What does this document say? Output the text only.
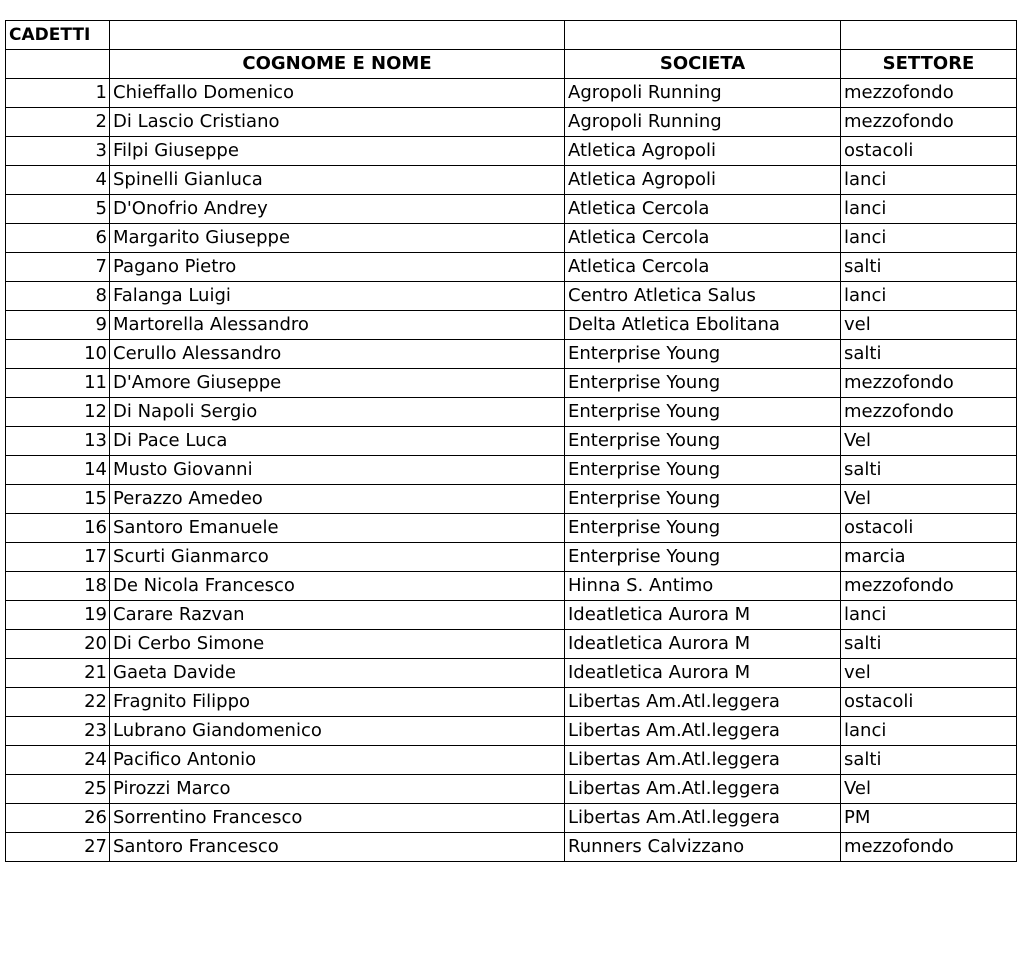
CADETTI			
	COGNOME E NOME	SOCIETA	SETTORE
1	Chieffallo Domenico	Agropoli Running	mezzofondo
2	Di Lascio Cristiano	Agropoli Running	mezzofondo
3	Filpi Giuseppe	Atletica Agropoli	ostacoli
4	Spinelli Gianluca	Atletica Agropoli	lanci
5	D'Onofrio Andrey	Atletica Cercola	lanci
6	Margarito Giuseppe	Atletica Cercola	lanci
7	Pagano Pietro	Atletica Cercola	salti
8	Falanga Luigi	Centro Atletica Salus	lanci
9	Martorella Alessandro	Delta Atletica Ebolitana	vel
10	Cerullo Alessandro	Enterprise Young	salti
11	D'Amore Giuseppe	Enterprise Young	mezzofondo
12	Di Napoli Sergio	Enterprise Young	mezzofondo
13	Di Pace Luca	Enterprise Young	Vel
14	Musto Giovanni	Enterprise Young	salti
15	Perazzo Amedeo	Enterprise Young	Vel
16	Santoro Emanuele	Enterprise Young	ostacoli
17	Scurti Gianmarco	Enterprise Young	marcia
18	De Nicola Francesco	Hinna S. Antimo	mezzofondo
19	Carare Razvan	Ideatletica Aurora M	lanci
20	Di Cerbo Simone	Ideatletica Aurora M	salti
21	Gaeta Davide	Ideatletica Aurora M	vel
22	Fragnito Filippo	Libertas Am.Atl.leggera	ostacoli
23	Lubrano Giandomenico	Libertas Am.Atl.leggera	lanci
24	Pacifico Antonio	Libertas Am.Atl.leggera	salti
25	Pirozzi Marco	Libertas Am.Atl.leggera	Vel
26	Sorrentino Francesco	Libertas Am.Atl.leggera	PM
27	Santoro Francesco	Runners Calvizzano	mezzofondo
